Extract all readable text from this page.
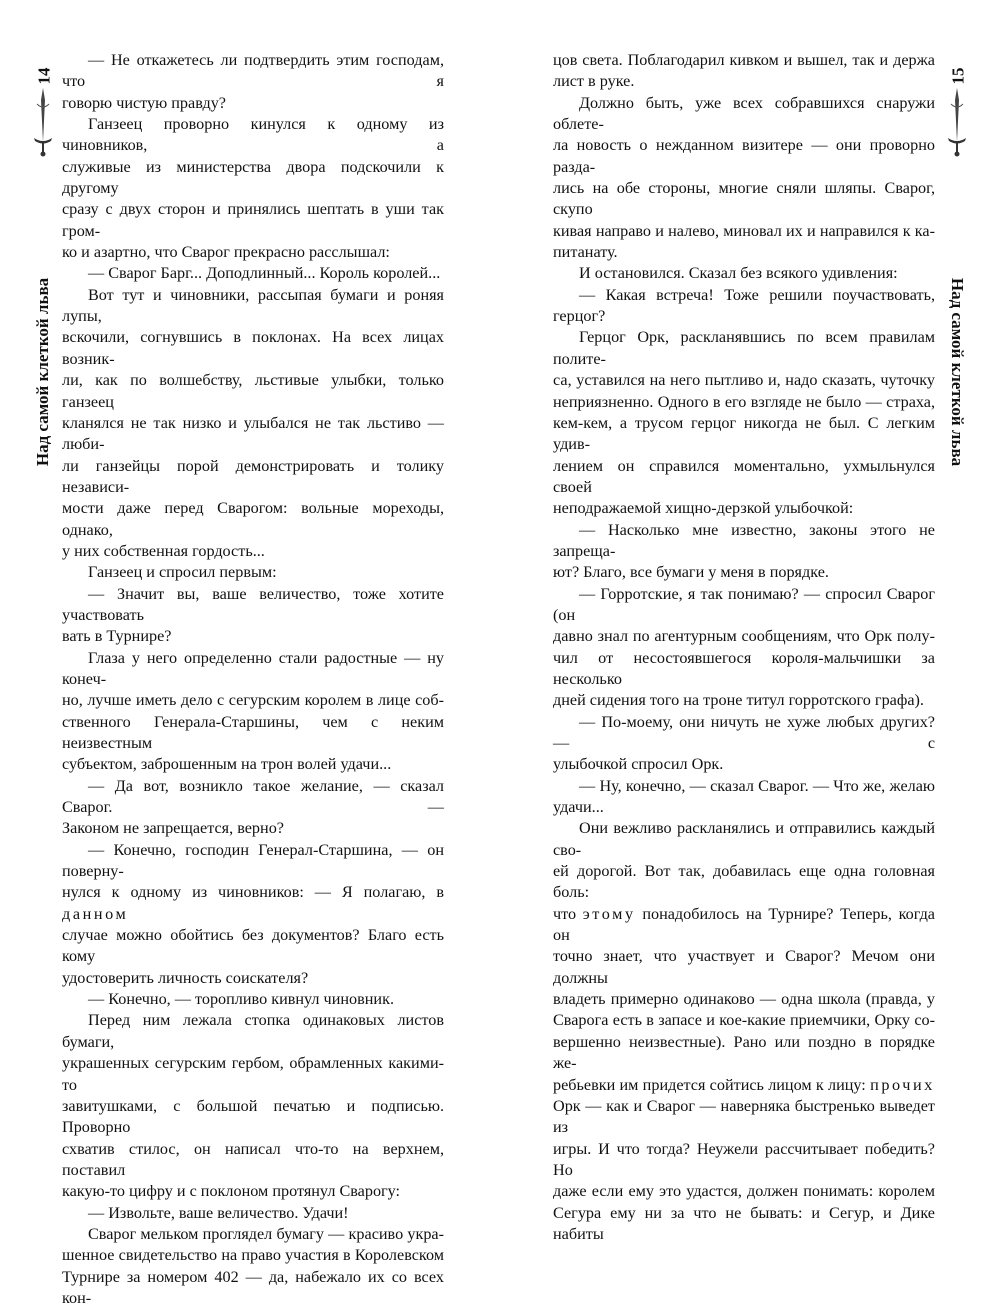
14
Над самой клеткой льва

— Не откажетесь ли подтвердить этим господам, что я

говорю чистую правду?

Ганзеец проворно кинулся к одному из чиновников, а

служивые из министерства двора подскочили к другому

сразу с двух сторон и принялись шептать в уши так гром-

ко и азартно, что Сварог прекрасно расслышал:

— Сварог Барг... Доподлинный... Король королей...

Вот тут и чиновники, рассыпая бумаги и роняя лупы,

вскочили, согнувшись в поклонах. На всех лицах возник-

ли, как по волшебству, льстивые улыбки, только ганзеец

кланялся не так низко и улыбался не так льстиво — люби-

ли ганзейцы порой демонстрировать и толику независи-

мости даже перед Сварогом: вольные мореходы, однако,

у них собственная гордость...

Ганзеец и спросил первым:

— Значит вы, ваше величество, тоже хотите участвовать

вать в Турнире?

Глаза у него определенно стали радостные — ну конеч-

но, лучше иметь дело с сегурским королем в лице соб-

ственного Генерала-Старшины, чем с неким неизвестным

субъектом, заброшенным на трон волей удачи...

— Да вот, возникло такое желание, — сказал Сварог. —

Законом не запрещается, верно?

— Конечно, господин Генерал-Старшина, — он поверну-

нулся к одному из чиновников: — Я полагаю, в данном

случае можно обойтись без документов? Благо есть кому

удостоверить личность соискателя?

— Конечно, — торопливо кивнул чиновник.

Перед ним лежала стопка одинаковых листов бумаги,

украшенных сегурским гербом, обрамленных какими-то

завитушками, с большой печатью и подписью. Проворно

схватив стилос, он написал что-то на верхнем, поставил

какую-то цифру и с поклоном протянул Сварогу:

— Извольте, ваше величество. Удачи!

Сварог мельком проглядел бумагу — красиво укра-

шенное свидетельство на право участия в Королевском

Турнире за номером 402 — да, набежало их со всех кон-

цов света. Поблагодарил кивком и вышел, так и держа

лист в руке.

Должно быть, уже всех собравшихся снаружи облете-

ла новость о нежданном визитере — они проворно разда-

лись на обе стороны, многие сняли шляпы. Сварог, скупо

кивая направо и налево, миновал их и направился к ка-

питанату.

И остановился. Сказал без всякого удивления:

— Какая встреча! Тоже решили поучаствовать, герцог?

Герцог Орк, раскланявшись по всем правилам полите-

са, уставился на него пытливо и, надо сказать, чуточку

неприязненно. Одного в его взгляде не было — страха,

кем-кем, а трусом герцог никогда не был. С легким удив-

лением он справился моментально, ухмыльнулся своей

неподражаемой хищно-дерзкой улыбочкой:

— Насколько мне известно, законы этого не запреща-

ют? Благо, все бумаги у меня в порядке.

— Горротские, я так понимаю? — спросил Сварог (он

давно знал по агентурным сообщениям, что Орк полу-

чил от несостоявшегося короля-мальчишки за несколько

дней сидения того на троне титул горротского графа).

— По-моему, они ничуть не хуже любых других? — с

улыбочкой спросил Орк.

— Ну, конечно, — сказал Сварог. — Что же, желаю

удачи...

Они вежливо раскланялись и отправились каждый сво-

ей дорогой. Вот так, добавилась еще одна головная боль:

что этому понадобилось на Турнире? Теперь, когда он

точно знает, что участвует и Сварог? Мечом они должны

владеть примерно одинаково — одна школа (правда, у

Сварога есть в запасе и кое-какие приемчики, Орку со-

вершенно неизвестные). Рано или поздно в порядке же-

ребьевки им придется сойтись лицом к лицу: прочих

Орк — как и Сварог — наверняка быстренько выведет из

игры. И что тогда? Неужели рассчитывает победить? Но

даже если ему это удастся, должен понимать: королем

Сегура ему ни за что не бывать: и Сегур, и Дике набиты

15
Над самой клеткой льва
